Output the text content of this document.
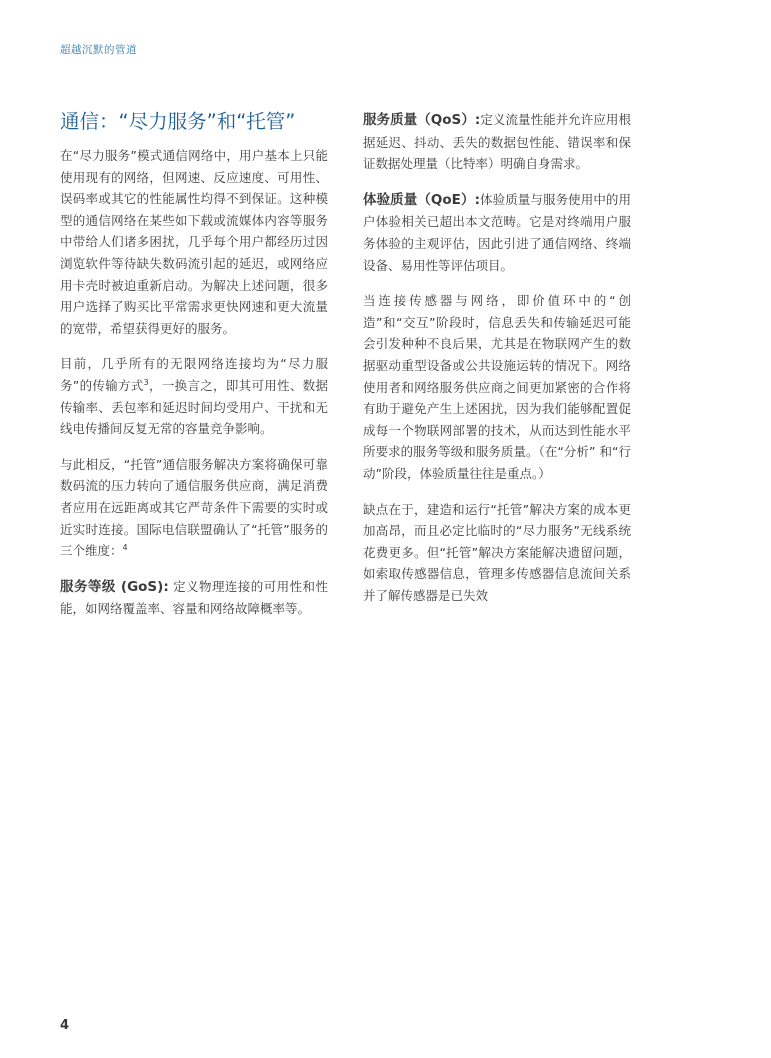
超越沉默的管道
通信：“尽力服务”和“托管”

在“尽力服务”模式通信网络中，用户基本上只能使用现有的网络，但网速、反应速度、可用性、误码率或其它的性能属性均得不到保证。这种模型的通信网络在某些如下载或流媒体内容等服务中带给人们诸多困扰，几乎每个用户都经历过因浏览软件等待缺失数码流引起的延迟，或网络应用卡壳时被迫重新启动。为解决上述问题，很多用户选择了购买比平常需求更快网速和更大流量的宽带，希望获得更好的服务。

目前，几乎所有的无限网络连接均为“尽力服务”的传输方式$^3$，一换言之，即其可用性、数据传输率、丢包率和延迟时间均受用户、干扰和无线电传播间反复无常的容量竞争影响。

与此相反，“托管”通信服务解决方案将确保可靠数码流的压力转向了通信服务供应商，满足消费者应用在远距离或其它严苛条件下需要的实时或近实时连接。国际电信联盟确认了“托管”服务的三个维度：$^4$

服务等级 (GoS): 定义物理连接的可用性和性能，如网络覆盖率、容量和网络故障概率等。

服务质量（QoS）:定义流量性能并允许应用根据延迟、抖动、丢失的数据包性能、错误率和保证数据处理量（比特率）明确自身需求。

体验质量（QoE）:体验质量与服务使用中的用户体验相关已超出本文范畴。它是对终端用户服务体验的主观评估，因此引进了通信网络、终端设备、易用性等评估项目。

当连接传感器与网络，即价值环中的“创造”和“交互”阶段时，信息丢失和传输延迟可能会引发种种不良后果，尤其是在物联网产生的数据驱动重型设备或公共设施运转的情况下。网络使用者和网络服务供应商之间更加紧密的合作将有助于避免产生上述困扰，因为我们能够配置促成每一个物联网部署的技术，从而达到性能水平所要求的服务等级和服务质量。（在“分析” 和“行动”阶段，体验质量往往是重点。）

缺点在于，建造和运行“托管”解决方案的成本更加高昂，而且必定比临时的“尽力服务”无线系统花费更多。但“托管”解决方案能解决遗留问题，如索取传感器信息，管理多传感器信息流间关系并了解传感器是已失效

4
